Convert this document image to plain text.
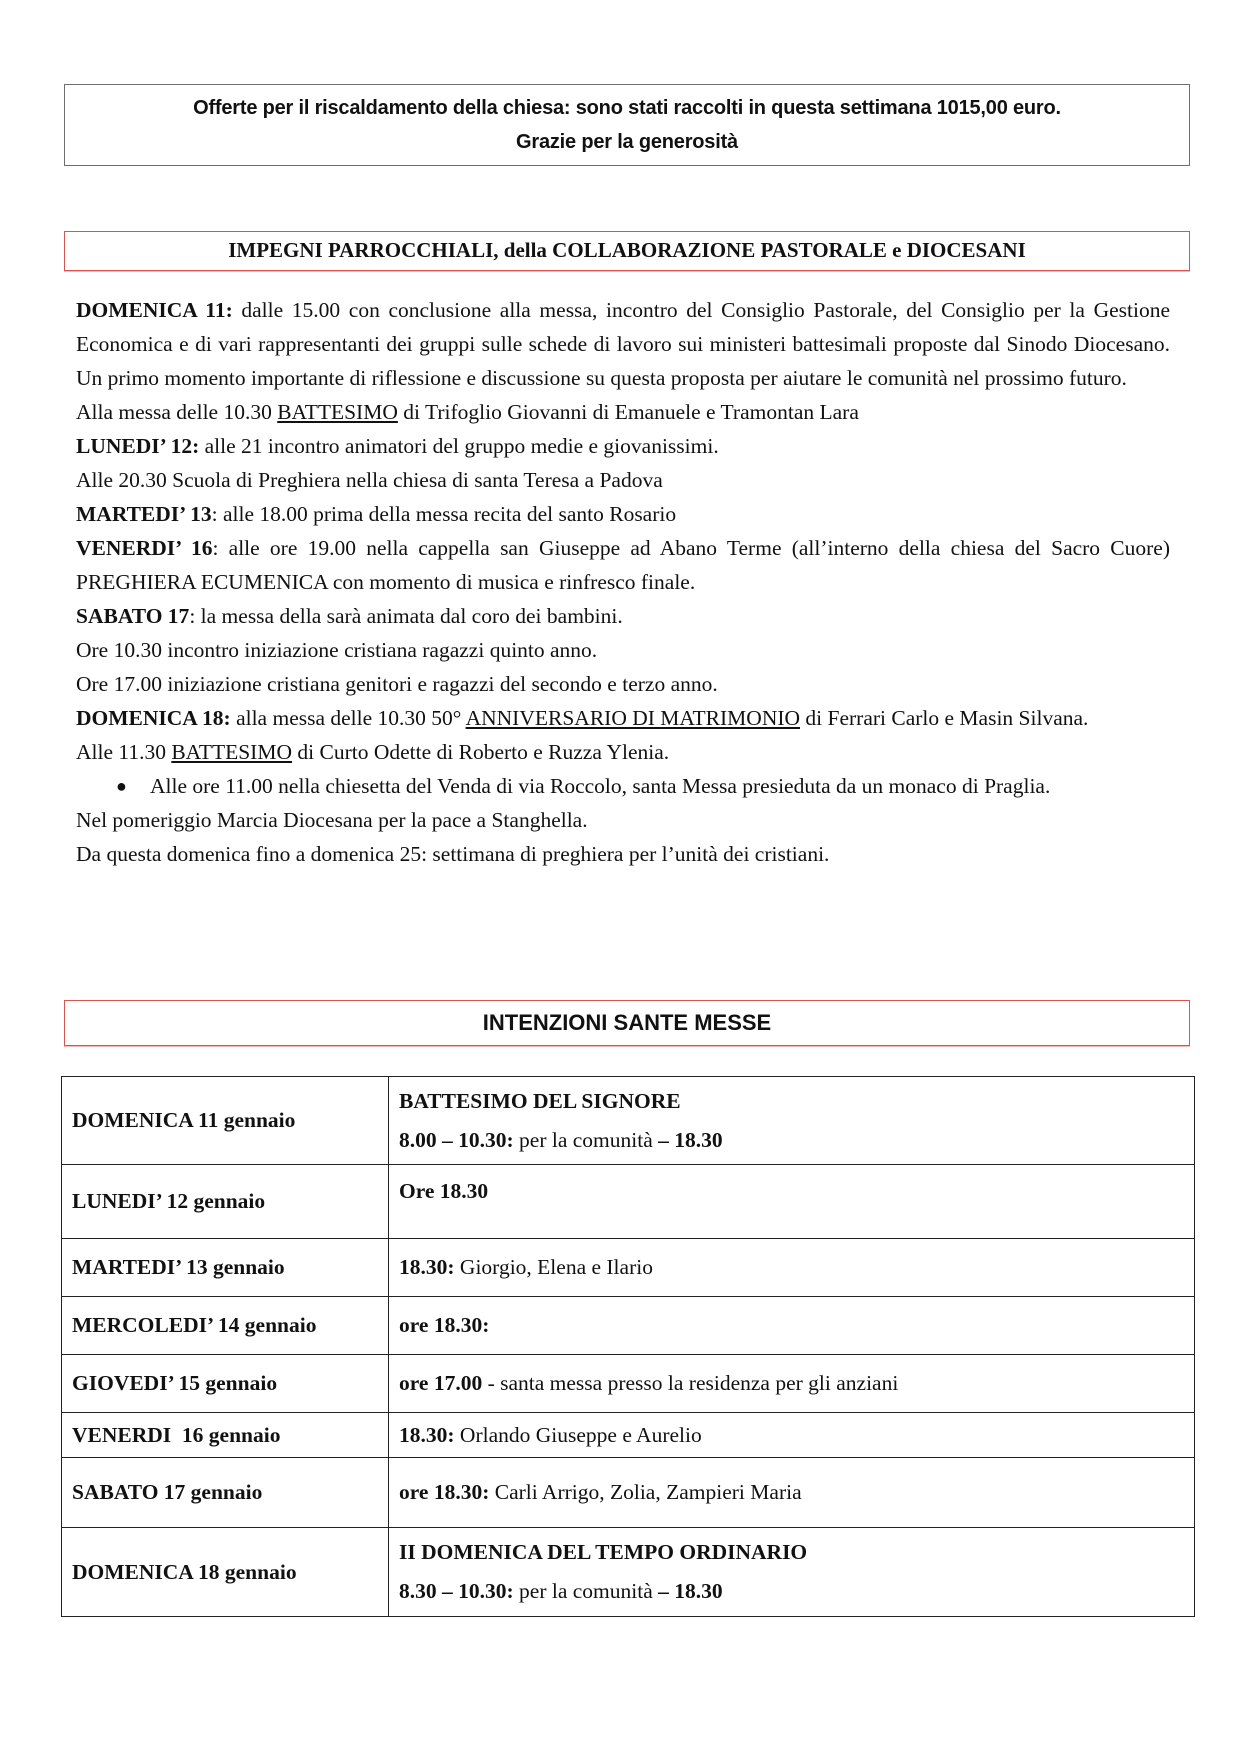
Offerte per il riscaldamento della chiesa: sono stati raccolti in questa settimana 1015,00 euro.
Grazie per la generosità
IMPEGNI PARROCCHIALI, della COLLABORAZIONE PASTORALE e DIOCESANI

DOMENICA 11: dalle 15.00 con conclusione alla messa, incontro del Consiglio Pastorale, del Consiglio per la Gestione Economica e di vari rappresentanti dei gruppi sulle schede di lavoro sui ministeri battesimali proposte dal Sinodo Diocesano. Un primo momento importante di riflessione e discussione su questa proposta per aiutare le comunità nel prossimo futuro.

Alla messa delle 10.30 BATTESIMO di Trifoglio Giovanni di Emanuele e Tramontan Lara

LUNEDI’ 12: alle 21 incontro animatori del gruppo medie e giovanissimi.

Alle 20.30 Scuola di Preghiera nella chiesa di santa Teresa a Padova

MARTEDI’ 13: alle 18.00 prima della messa recita del santo Rosario

VENERDI’ 16: alle ore 19.00 nella cappella san Giuseppe ad Abano Terme (all’interno della chiesa del Sacro Cuore) PREGHIERA ECUMENICA con momento di musica e rinfresco finale.

SABATO 17: la messa della sarà animata dal coro dei bambini.

Ore 10.30 incontro iniziazione cristiana ragazzi quinto anno.

Ore 17.00 iniziazione cristiana genitori e ragazzi del secondo e terzo anno.

DOMENICA 18: alla messa delle 10.30 50° ANNIVERSARIO DI MATRIMONIO di Ferrari Carlo e Masin Silvana.

Alle 11.30 BATTESIMO di Curto Odette di Roberto e Ruzza Ylenia.

●	Alle ore 11.00 nella chiesetta del Venda di via Roccolo, santa Messa presieduta da un monaco di Praglia.

Nel pomeriggio Marcia Diocesana per la pace a Stanghella.

Da questa domenica fino a domenica 25: settimana di preghiera per l’unità dei cristiani.

INTENZIONI SANTE MESSE
DOMENICA 11 gennaio	BATTESIMO DEL SIGNORE
8.00 – 10.30: per la comunità – 18.30

LUNEDI’ 12 gennaio	Ore 18.30
MARTEDI’ 13 gennaio	18.30: Giorgio, Elena e Ilario
MERCOLEDI’ 14 gennaio	ore 18.30:
GIOVEDI’ 15 gennaio	ore 17.00 - santa messa presso la residenza per gli anziani
VENERDI  16 gennaio	18.30: Orlando Giuseppe e Aurelio
SABATO 17 gennaio	ore 18.30: Carli Arrigo, Zolia, Zampieri Maria
DOMENICA 18 gennaio	II DOMENICA DEL TEMPO ORDINARIO
8.30 – 10.30: per la comunità – 18.30
